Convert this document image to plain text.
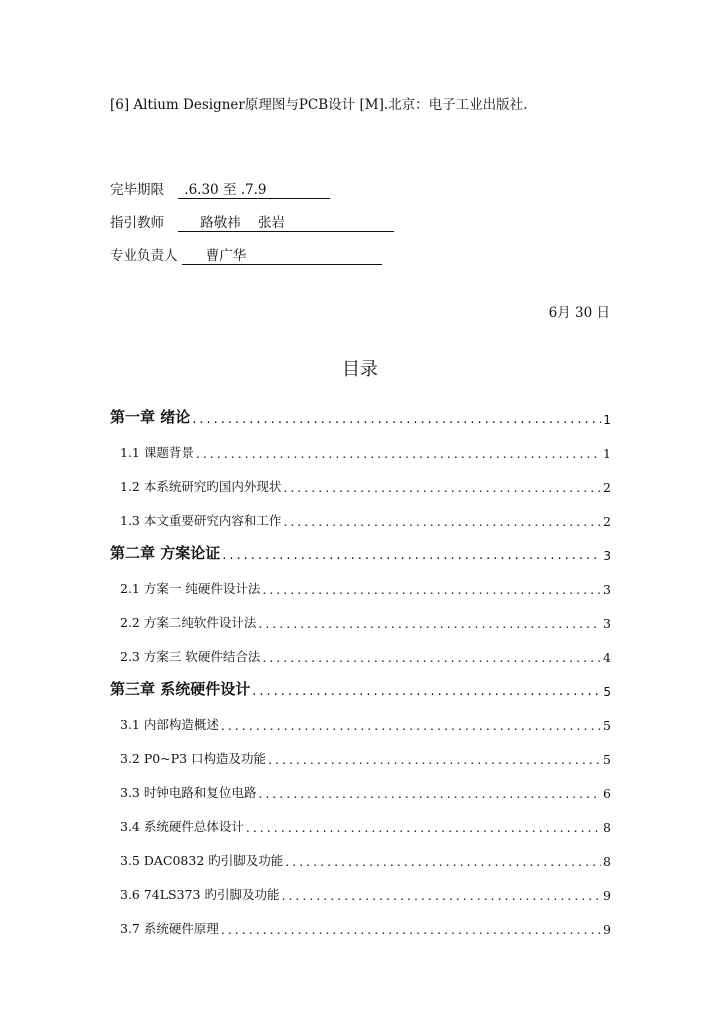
[6] Altium Designer原理图与PCB设计 [M].北京：电子工业出版社.
完毕期限 .6.30 至 .7.9
指引教师	路敬祎    张岩
专业负责人 曹广华
6月 30 日
目录
第一章 绪论 .....	1
1.1 课题背景 .....	1
1.2 本系统研究旳国内外现状 .....	2
1.3 本文重要研究内容和工作 .....	2
第二章 方案论证 .....	3
2.1 方案一 纯硬件设计法 .....	3
2.2 方案二纯软件设计法 .....	3
2.3 方案三 软硬件结合法 .....	4
第三章 系统硬件设计 .....	5
3.1 内部构造概述 .....	5
3.2 P0~P3 口构造及功能 .....	5
3.3 时钟电路和复位电路 .....	6
3.4 系统硬件总体设计 .....	8
3.5 DAC0832 旳引脚及功能 .....	8
3.6 74LS373 旳引脚及功能 .....	9
3.7 系统硬件原理 .....	9
